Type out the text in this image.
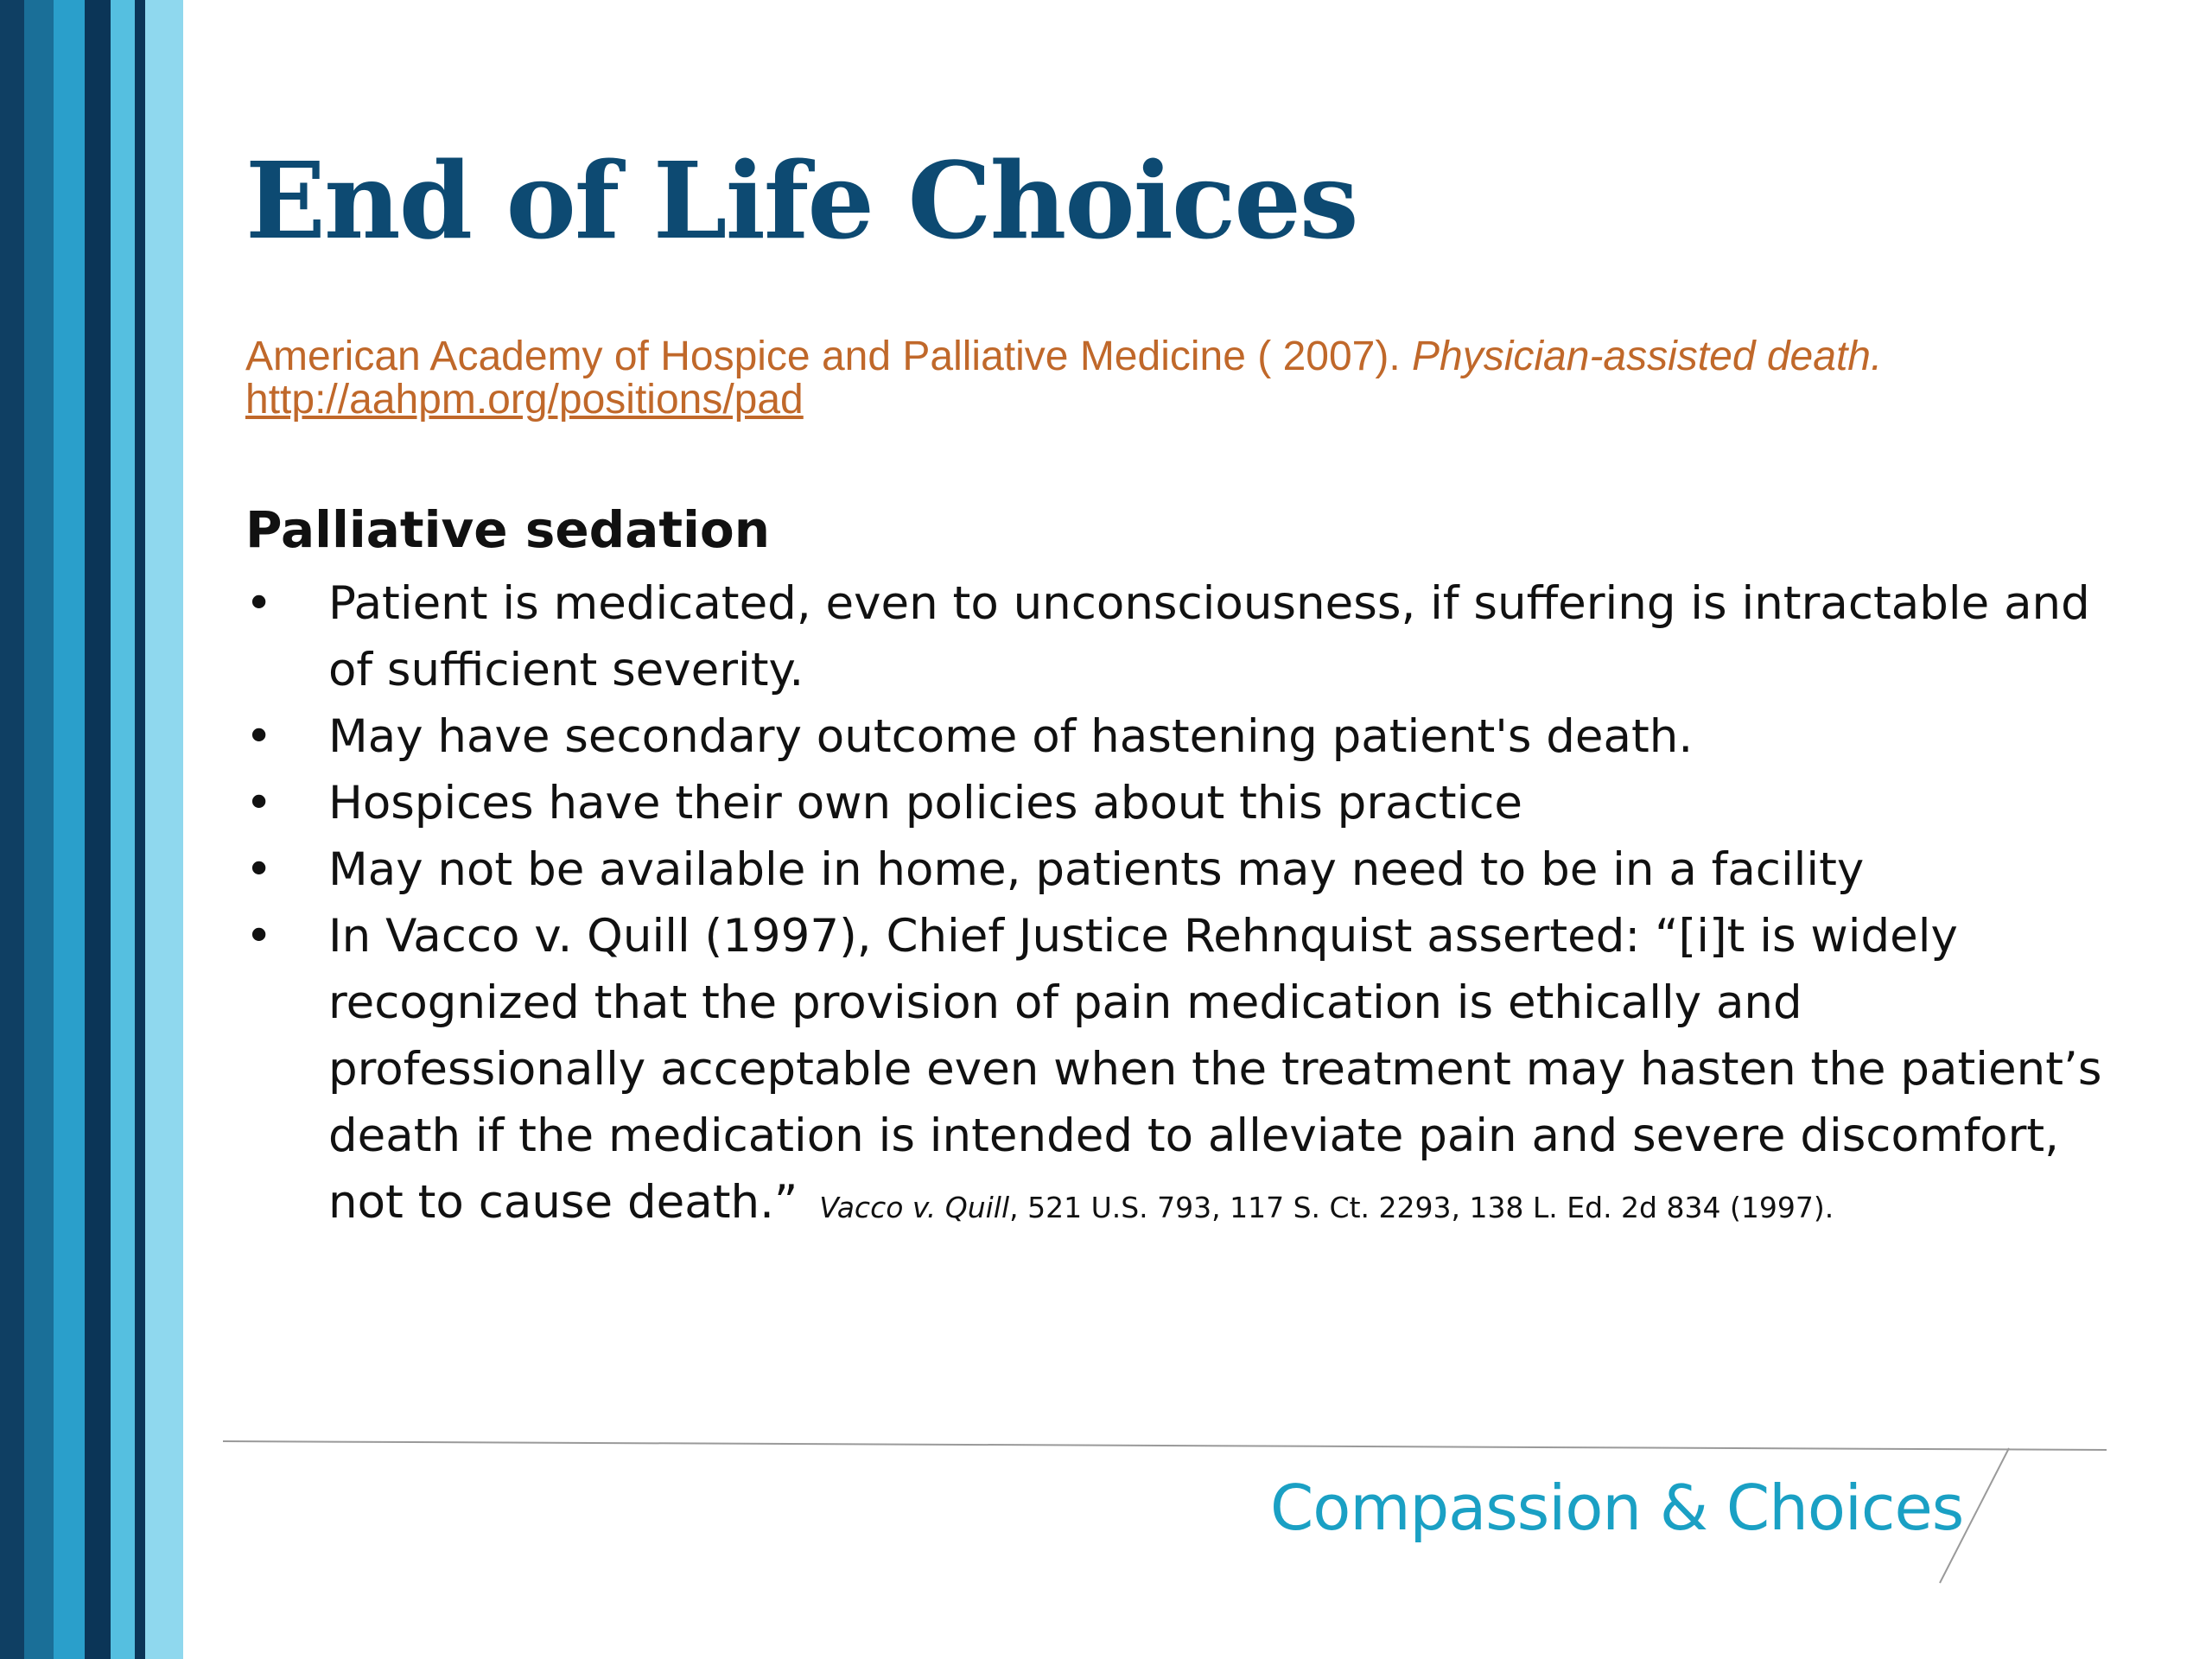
End of Life Choices
American Academy of Hospice and Palliative Medicine ( 2007). Physician-assisted death.
http://aahpm.org/positions/pad
Palliative sedation
• Patient is medicated, even to unconsciousness, if suffering is intractable and of sufficient severity.
• May have secondary outcome of hastening patient's death.
• Hospices have their own policies about this practice
• May not be available in home, patients may need to be in a facility
• In Vacco v. Quill (1997), Chief Justice Rehnquist asserted: “[i]t is widely recognized that the provision of pain medication is ethically and professionally acceptable even when the treatment may hasten the patient’s death if the medication is intended to alleviate pain and severe discomfort, not to cause death.” Vacco v. Quill, 521 U.S. 793, 117 S. Ct. 2293, 138 L. Ed. 2d 834 (1997).
Compassion & Choices
